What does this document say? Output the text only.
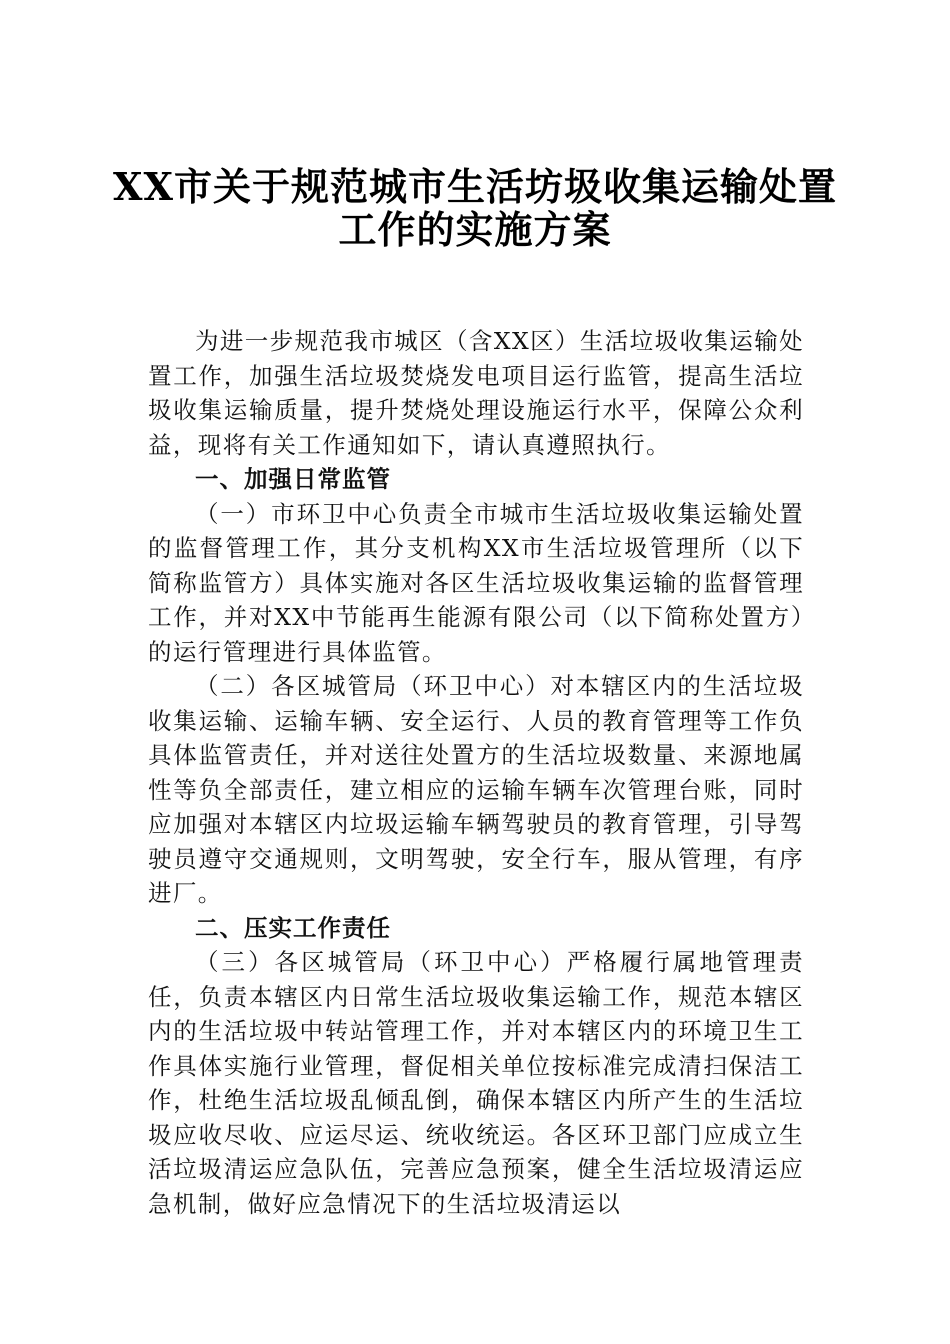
XX市关于规范城市生活坊圾收集运输处置
工作的实施方案

为进一步规范我市城区（含XX区）生活垃圾收集运输处置工作，加强生活垃圾焚烧发电项目运行监管，提高生活垃圾收集运输质量，提升焚烧处理设施运行水平，保障公众利益，现将有关工作通知如下，请认真遵照执行。

一、加强日常监管

（一）市环卫中心负责全市城市生活垃圾收集运输处置的监督管理工作，其分支机构XX市生活垃圾管理所（以下简称监管方）具体实施对各区生活垃圾收集运输的监督管理工作，并对XX中节能再生能源有限公司（以下简称处置方）的运行管理进行具体监管。

（二）各区城管局（环卫中心）对本辖区内的生活垃圾收集运输、运输车辆、安全运行、人员的教育管理等工作负具体监管责任，并对送往处置方的生活垃圾数量、来源地属性等负全部责任，建立相应的运输车辆车次管理台账，同时应加强对本辖区内垃圾运输车辆驾驶员的教育管理，引导驾驶员遵守交通规则，文明驾驶，安全行车，服从管理，有序进厂。

二、压实工作责任

（三）各区城管局（环卫中心）严格履行属地管理责任，负责本辖区内日常生活垃圾收集运输工作，规范本辖区内的生活垃圾中转站管理工作，并对本辖区内的环境卫生工作具体实施行业管理，督促相关单位按标准完成清扫保洁工作，杜绝生活垃圾乱倾乱倒，确保本辖区内所产生的生活垃圾应收尽收、应运尽运、统收统运。各区环卫部门应成立生活垃圾清运应急队伍，完善应急预案，健全生活垃圾清运应急机制，做好应急情况下的生活垃圾清运以
